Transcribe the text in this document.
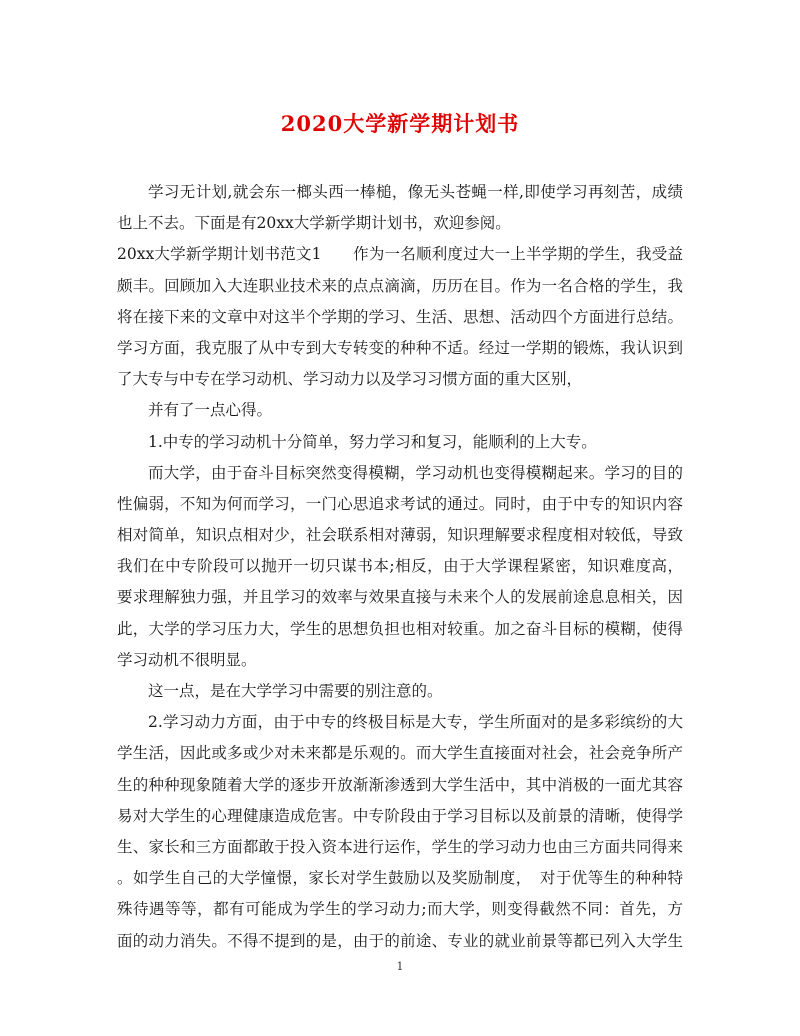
2020大学新学期计划书
学习无计划,就会东一榔头西一棒槌，像无头苍蝇一样,即使学习再刻苦，成绩
也上不去。下面是有20xx大学新学期计划书，欢迎参阅。
20xx大学新学期计划书范文1　　作为一名顺利度过大一上半学期的学生，我受益
颇丰。回顾加入大连职业技术来的点点滴滴，历历在目。作为一名合格的学生，我
将在接下来的文章中对这半个学期的学习、生活、思想、活动四个方面进行总结。
学习方面，我克服了从中专到大专转变的种种不适。经过一学期的锻炼，我认识到
了大专与中专在学习动机、学习动力以及学习习惯方面的重大区别，
并有了一点心得。
1.中专的学习动机十分简单，努力学习和复习，能顺利的上大专。
而大学，由于奋斗目标突然变得模糊，学习动机也变得模糊起来。学习的目的
性偏弱，不知为何而学习，一门心思追求考试的通过。同时，由于中专的知识内容
相对简单，知识点相对少，社会联系相对薄弱，知识理解要求程度相对较低，导致
我们在中专阶段可以抛开一切只谋书本;相反，由于大学课程紧密，知识难度高，
要求理解独力强，并且学习的效率与效果直接与未来个人的发展前途息息相关，因
此，大学的学习压力大，学生的思想负担也相对较重。加之奋斗目标的模糊，使得
学习动机不很明显。
这一点，是在大学学习中需要的别注意的。
2.学习动力方面，由于中专的终极目标是大专，学生所面对的是多彩缤纷的大
学生活，因此或多或少对未来都是乐观的。而大学生直接面对社会，社会竞争所产
生的种种现象随着大学的逐步开放渐渐渗透到大学生活中，其中消极的一面尤其容
易对大学生的心理健康造成危害。中专阶段由于学习目标以及前景的清晰，使得学
生、家长和三方面都敢于投入资本进行运作，学生的学习动力也由三方面共同得来
。如学生自己的大学憧憬，家长对学生鼓励以及奖励制度，　对于优等生的种种特
殊待遇等等，都有可能成为学生的学习动力;而大学，则变得截然不同：首先，方
面的动力消失。不得不提到的是，由于的前途、专业的就业前景等都已列入大学生
1
